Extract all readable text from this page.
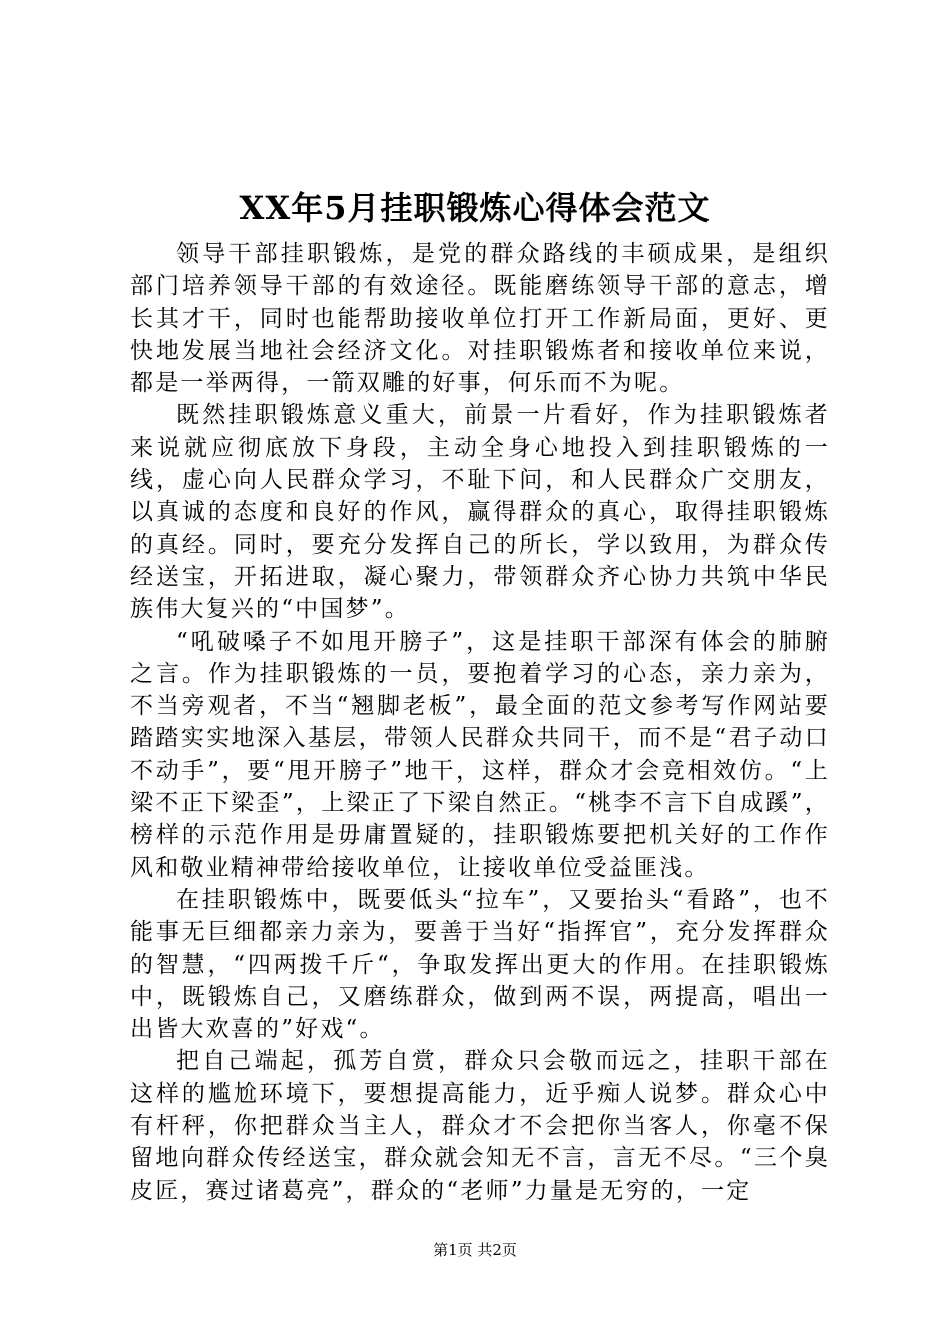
XX年5月挂职锻炼心得体会范文

领导干部挂职锻炼，是党的群众路线的丰硕成果，是组织部门培养领导干部的有效途径。既能磨练领导干部的意志，增长其才干，同时也能帮助接收单位打开工作新局面，更好、更快地发展当地社会经济文化。对挂职锻炼者和接收单位来说，都是一举两得，一箭双雕的好事，何乐而不为呢。

既然挂职锻炼意义重大，前景一片看好，作为挂职锻炼者来说就应彻底放下身段，主动全身心地投入到挂职锻炼的一线，虚心向人民群众学习，不耻下问，和人民群众广交朋友，以真诚的态度和良好的作风，赢得群众的真心，取得挂职锻炼的真经。同时，要充分发挥自己的所长，学以致用，为群众传经送宝，开拓进取，凝心聚力，带领群众齐心协力共筑中华民族伟大复兴的“中国梦”。

“吼破嗓子不如甩开膀子”，这是挂职干部深有体会的肺腑之言。作为挂职锻炼的一员，要抱着学习的心态，亲力亲为，不当旁观者，不当“翘脚老板”，最全面的范文参考写作网站要踏踏实实地深入基层，带领人民群众共同干，而不是“君子动口不动手”，要“甩开膀子”地干，这样，群众才会竞相效仿。“上梁不正下梁歪”，上梁正了下梁自然正。“桃李不言下自成蹊”，榜样的示范作用是毋庸置疑的，挂职锻炼要把机关好的工作作风和敬业精神带给接收单位，让接收单位受益匪浅。

在挂职锻炼中，既要低头“拉车”，又要抬头“看路”，也不能事无巨细都亲力亲为，要善于当好“指挥官”，充分发挥群众的智慧，“四两拨千斤“，争取发挥出更大的作用。在挂职锻炼中，既锻炼自己，又磨练群众，做到两不误，两提高，唱出一出皆大欢喜的”好戏“。

把自己端起，孤芳自赏，群众只会敬而远之，挂职干部在这样的尴尬环境下，要想提高能力，近乎痴人说梦。群众心中有杆秤，你把群众当主人，群众才不会把你当客人，你毫不保留地向群众传经送宝，群众就会知无不言，言无不尽。“三个臭皮匠，赛过诸葛亮”，群众的“老师”力量是无穷的，一定

第1页 共2页
